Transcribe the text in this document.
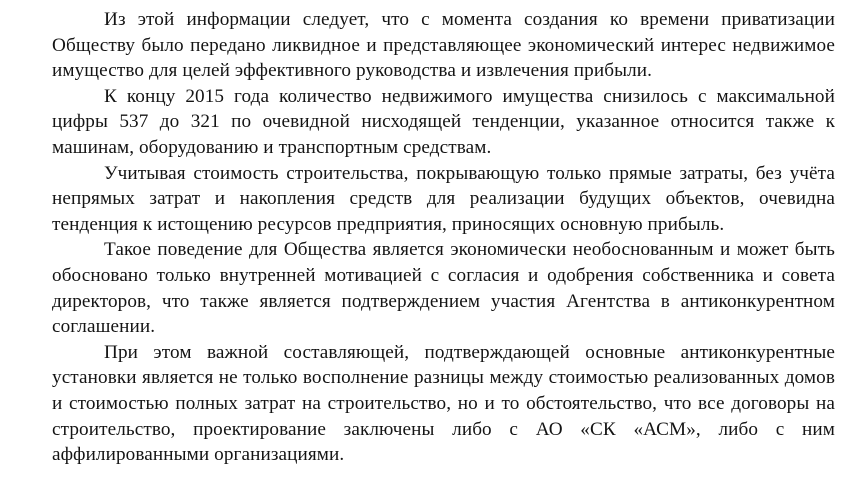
Из этой информации следует, что с момента создания ко времени приватизации Обществу было передано ликвидное и представляющее экономический интерес недвижимое имущество для целей эффективного руководства и извлечения прибыли.

К концу 2015 года количество недвижимого имущества снизилось с максимальной цифры 537 до 321 по очевидной нисходящей тенденции, указанное относится также к машинам, оборудованию и транспортным средствам.

Учитывая стоимость строительства, покрывающую только прямые затраты, без учёта непрямых затрат и накопления средств для реализации будущих объектов, очевидна тенденция к истощению ресурсов предприятия, приносящих основную прибыль.

Такое поведение для Общества является экономически необоснованным и может быть обосновано только внутренней мотивацией с согласия и одобрения собственника и совета директоров, что также является подтверждением участия Агентства в антиконкурентном соглашении.

При этом важной составляющей, подтверждающей основные антиконкурентные установки является не только восполнение разницы между стоимостью реализованных домов и стоимостью полных затрат на строительство, но и то обстоятельство, что все договоры на строительство, проектирование заключены либо с АО «СК «АСМ», либо с ним аффилированными организациями.
